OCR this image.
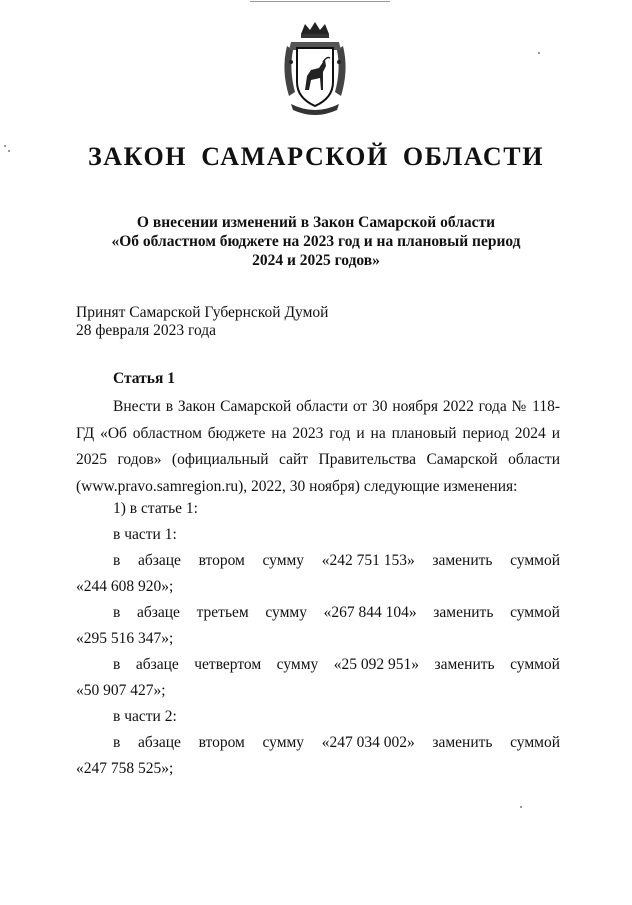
ЗАКОН САМАРСКОЙ ОБЛАСТИ
О внесении изменений в Закон Самарской области
«Об областном бюджете на 2023 год и на плановый период
2024 и 2025 годов»
Принят Самарской Губернской Думой
28 февраля 2023 года
Статья 1
Внести в Закон Самарской области от 30 ноября 2022 года № 118-ГД «Об областном бюджете на 2023 год и на плановый период 2024 и 2025 годов» (официальный сайт Правительства Самарской области (www.pravo.samregion.ru), 2022, 30 ноября) следующие изменения:
1) в статье 1:
в части 1:
в абзаце втором сумму «242 751 153» заменить суммой
«244 608 920»;
в абзаце третьем сумму «267 844 104» заменить суммой
«295 516 347»;
в абзаце четвертом сумму «25 092 951» заменить суммой
«50 907 427»;
в части 2:
в абзаце втором сумму «247 034 002» заменить суммой
«247 758 525»;
